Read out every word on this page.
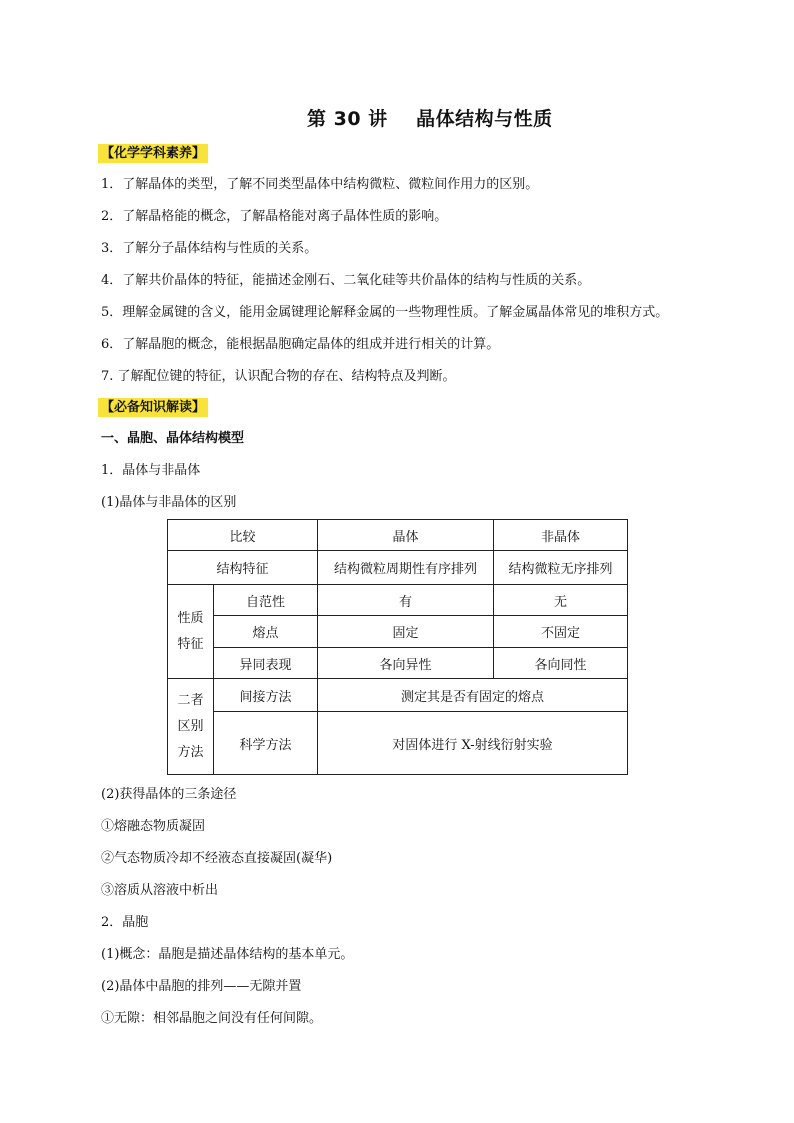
第 30 讲    晶体结构与性质
【化学学科素养】
1．了解晶体的类型，了解不同类型晶体中结构微粒、微粒间作用力的区别。
2．了解晶格能的概念，了解晶格能对离子晶体性质的影响。
3．了解分子晶体结构与性质的关系。
4．了解共价晶体的特征，能描述金刚石、二氧化硅等共价晶体的结构与性质的关系。
5．理解金属键的含义，能用金属键理论解释金属的一些物理性质。了解金属晶体常见的堆积方式。
6．了解晶胞的概念，能根据晶胞确定晶体的组成并进行相关的计算。
7. 了解配位键的特征，认识配合物的存在、结构特点及判断。
【必备知识解读】
一、晶胞、晶体结构模型
1．晶体与非晶体
(1)晶体与非晶体的区别
比较		晶体	非晶体
结构特征		结构微粒周期性有序排列	结构微粒无序排列

性质
特征	自范性	有	无
	熔点	固定	不固定
	异同表现	各向异性	各向同性

二者
区别
方法	间接方法	测定其是否有固定的熔点	
	科学方法	对固体进行 X-射线衍射实验	
(2)获得晶体的三条途径
①熔融态物质凝固
②气态物质冷却不经液态直接凝固(凝华)
③溶质从溶液中析出
2．晶胞
(1)概念：晶胞是描述晶体结构的基本单元。
(2)晶体中晶胞的排列——无隙并置
①无隙：相邻晶胞之间没有任何间隙。
